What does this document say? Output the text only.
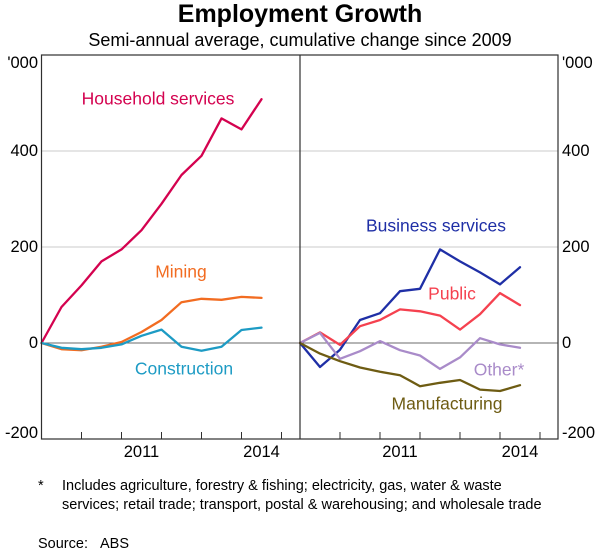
Employment Growth
Semi-annual average, cumulative change since 2009
'000	'000
400	400
200	200
0	0
-200	-200
2011	2014	2011	2014
Household services
Mining
Construction
Business services
Public
Other*
Manufacturing
*	Includes agriculture, forestry & fishing; electricity, gas, water & waste services; retail trade; transport, postal & warehousing; and wholesale trade
Source: ABS
